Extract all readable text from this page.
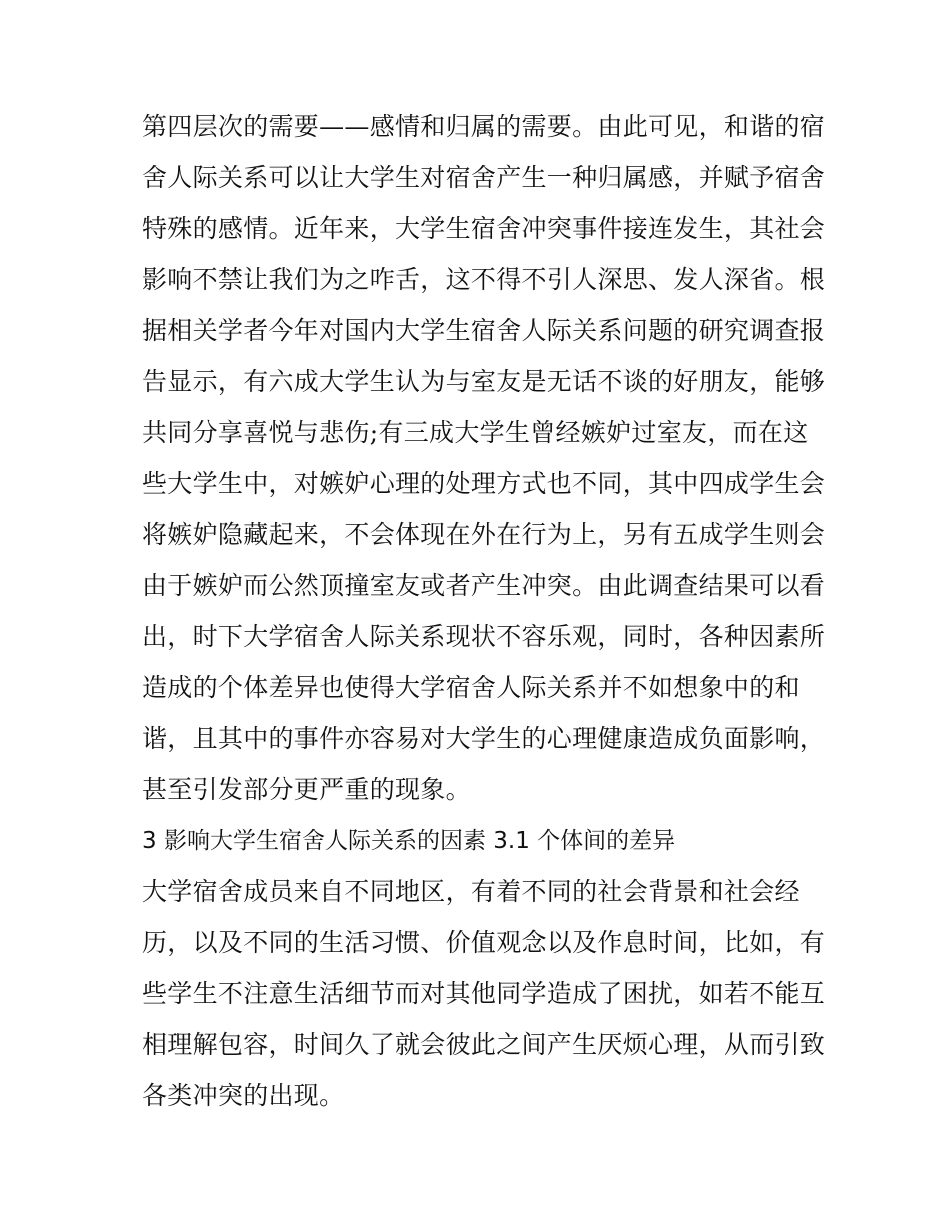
第四层次的需要——感情和归属的需要。由此可见，和谐的宿
舍人际关系可以让大学生对宿舍产生一种归属感，并赋予宿舍
特殊的感情。近年来，大学生宿舍冲突事件接连发生，其社会
影响不禁让我们为之咋舌，这不得不引人深思、发人深省。根
据相关学者今年对国内大学生宿舍人际关系问题的研究调查报
告显示，有六成大学生认为与室友是无话不谈的好朋友，能够
共同分享喜悦与悲伤;有三成大学生曾经嫉妒过室友，而在这
些大学生中，对嫉妒心理的处理方式也不同，其中四成学生会
将嫉妒隐藏起来，不会体现在外在行为上，另有五成学生则会
由于嫉妒而公然顶撞室友或者产生冲突。由此调查结果可以看
出，时下大学宿舍人际关系现状不容乐观，同时，各种因素所
造成的个体差异也使得大学宿舍人际关系并不如想象中的和
谐，且其中的事件亦容易对大学生的心理健康造成负面影响，
甚至引发部分更严重的现象。
3 影响大学生宿舍人际关系的因素 3.1 个体间的差异
大学宿舍成员来自不同地区，有着不同的社会背景和社会经
历，以及不同的生活习惯、价值观念以及作息时间，比如，有
些学生不注意生活细节而对其他同学造成了困扰，如若不能互
相理解包容，时间久了就会彼此之间产生厌烦心理，从而引致
各类冲突的出现。
